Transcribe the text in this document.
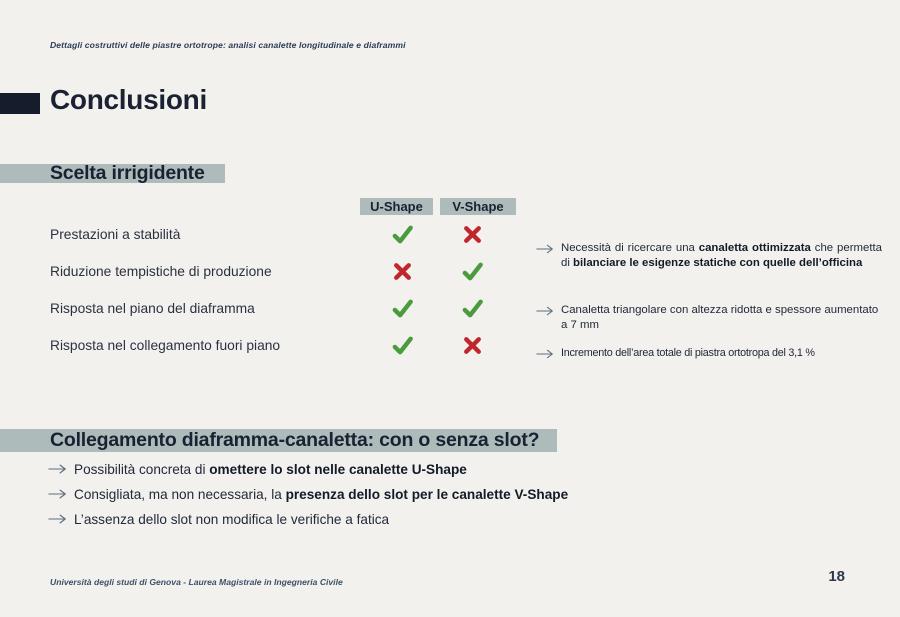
Dettagli costruttivi delle piastre ortotrope: analisi canalette longitudinale e diaframmi
Conclusioni
Scelta irrigidente
U-Shape	V-Shape
Prestazioni a stabilità
Riduzione tempistiche di produzione
Risposta nel piano del diaframma
Risposta nel collegamento fuori piano
Necessità di ricercare una canaletta ottimizzata che permetta di bilanciare le esigenze statiche con quelle dell’officina
Canaletta triangolare con altezza ridotta e spessore aumentato a 7 mm
Incremento dell’area totale di piastra ortotropa del 3,1 %
Collegamento diaframma-canaletta: con o senza slot?
Possibilità concreta di omettere lo slot nelle canalette U-Shape
Consigliata, ma non necessaria, la presenza dello slot per le canalette V-Shape
L’assenza dello slot non modifica le verifiche a fatica
Università degli studi di Genova - Laurea Magistrale in Ingegneria Civile	18
